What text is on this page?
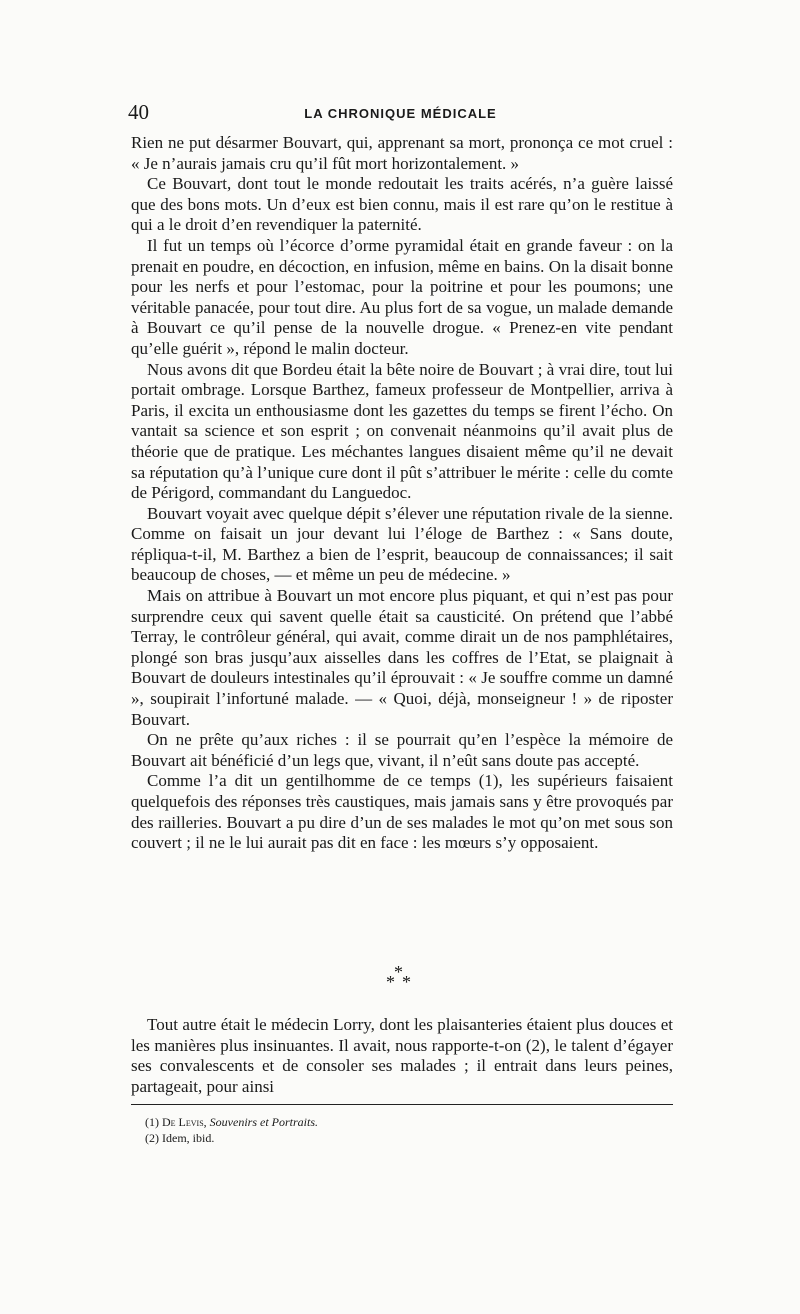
40	LA CHRONIQUE MÉDICALE

Rien ne put désarmer Bouvart, qui, apprenant sa mort, prononça ce mot cruel : « Je n’aurais jamais cru qu’il fût mort horizontalement. »

Ce Bouvart, dont tout le monde redoutait les traits acérés, n’a guère laissé que des bons mots. Un d’eux est bien connu, mais il est rare qu’on le restitue à qui a le droit d’en revendiquer la paternité.

Il fut un temps où l’écorce d’orme pyramidal était en grande faveur : on la prenait en poudre, en décoction, en infusion, même en bains. On la disait bonne pour les nerfs et pour l’estomac, pour la poitrine et pour les poumons; une véritable panacée, pour tout dire. Au plus fort de sa vogue, un malade demande à Bouvart ce qu’il pense de la nouvelle drogue. « Prenez-en vite pendant qu’elle guérit », répond le malin docteur.

Nous avons dit que Bordeu était la bête noire de Bouvart ; à vrai dire, tout lui portait ombrage. Lorsque Barthez, fameux professeur de Montpellier, arriva à Paris, il excita un enthousiasme dont les gazettes du temps se firent l’écho. On vantait sa science et son esprit ; on convenait néanmoins qu’il avait plus de théorie que de pratique. Les méchantes langues disaient même qu’il ne devait sa réputation qu’à l’unique cure dont il pût s’attribuer le mérite : celle du comte de Périgord, commandant du Languedoc.

Bouvart voyait avec quelque dépit s’élever une réputation rivale de la sienne. Comme on faisait un jour devant lui l’éloge de Barthez : « Sans doute, répliqua-t-il, M. Barthez a bien de l’esprit, beaucoup de connaissances; il sait beaucoup de choses, — et même un peu de médecine. »

Mais on attribue à Bouvart un mot encore plus piquant, et qui n’est pas pour surprendre ceux qui savent quelle était sa causticité. On prétend que l’abbé Terray, le contrôleur général, qui avait, comme dirait un de nos pamphlétaires, plongé son bras jusqu’aux aisselles dans les coffres de l’Etat, se plaignait à Bouvart de douleurs intestinales qu’il éprouvait : « Je souffre comme un damné », soupirait l’infortuné malade. — « Quoi, déjà, monseigneur ! » de riposter Bouvart.

On ne prête qu’aux riches : il se pourrait qu’en l’espèce la mémoire de Bouvart ait bénéficié d’un legs que, vivant, il n’eût sans doute pas accepté.

Comme l’a dit un gentilhomme de ce temps (1), les supérieurs faisaient quelquefois des réponses très caustiques, mais jamais sans y être provoqués par des railleries. Bouvart a pu dire d’un de ses malades le mot qu’on met sous son couvert ; il ne le lui aurait pas dit en face : les mœurs s’y opposaient.

*
* *

Tout autre était le médecin Lorry, dont les plaisanteries étaient plus douces et les manières plus insinuantes. Il avait, nous rapporte-t-on (2), le talent d’égayer ses convalescents et de consoler ses malades ; il entrait dans leurs peines, partageait, pour ainsi

(1) De Levis, Souvenirs et Portraits.
(2) Idem, ibid.
